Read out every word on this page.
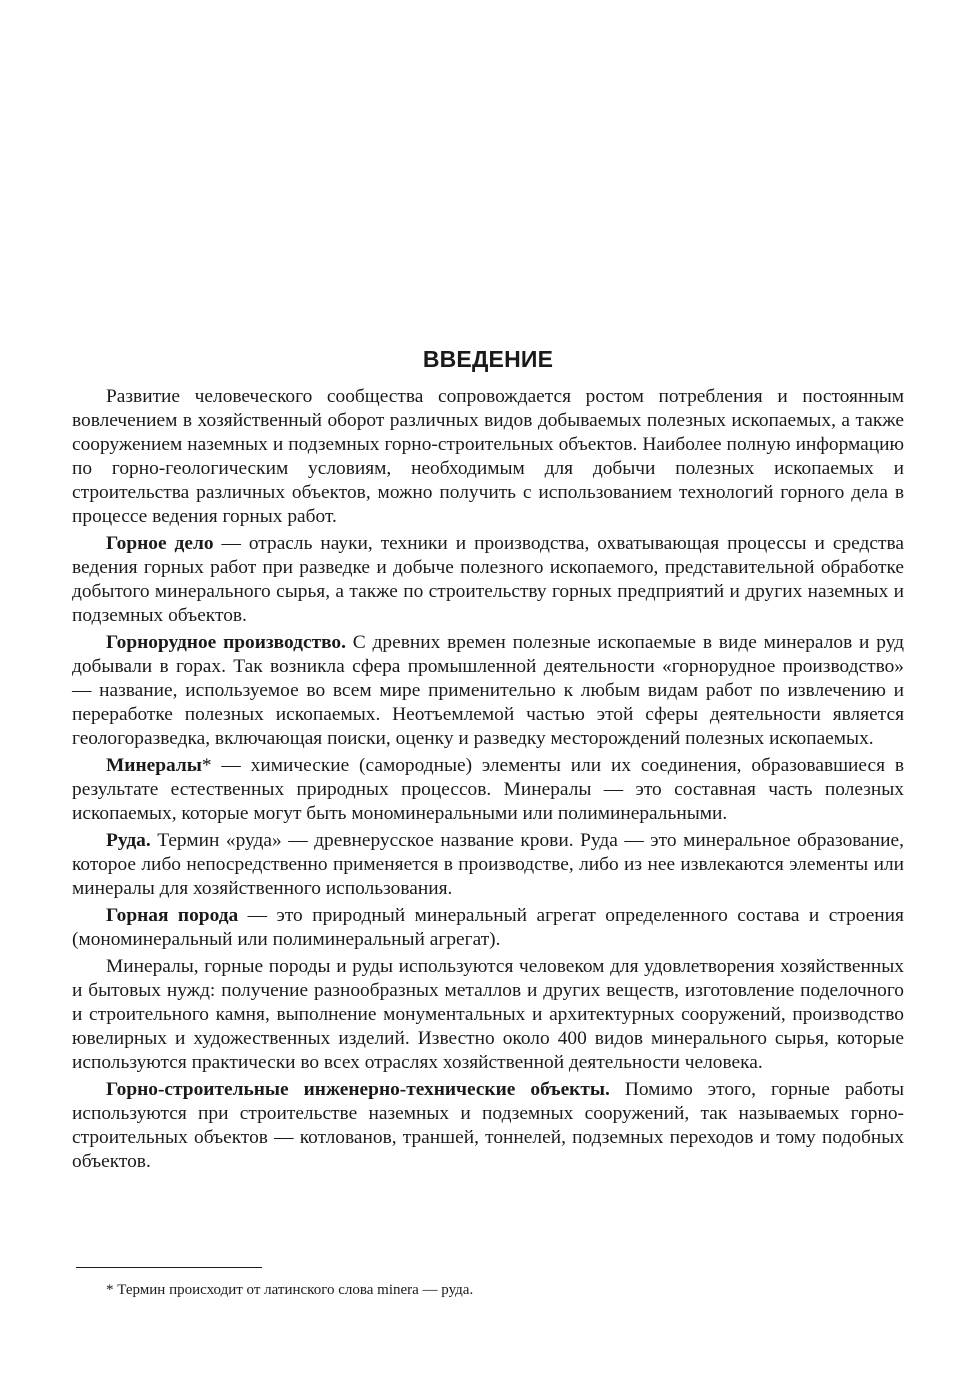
ВВЕДЕНИЕ

Развитие человеческого сообщества сопровождается ростом потребления и постоянным вовлечением в хозяйственный оборот различных видов добываемых полезных ископаемых, а также сооружением наземных и подземных горно-строительных объектов. Наиболее полную информацию по горно-геологическим условиям, необходимым для добычи полезных ископаемых и строительства различных объектов, можно получить с использованием технологий горного дела в процессе ведения горных работ.

Горное дело — отрасль науки, техники и производства, охватывающая процессы и средства ведения горных работ при разведке и добыче полезного ископаемого, представительной обработке добытого минерального сырья, а также по строительству горных предприятий и других наземных и подземных объектов.

Горнорудное производство. С древних времен полезные ископаемые в виде минералов и руд добывали в горах. Так возникла сфера промышленной деятельности «горнорудное производство» — название, используемое во всем мире применительно к любым видам работ по извлечению и переработке полезных ископаемых. Неотъемлемой частью этой сферы деятельности является геологоразведка, включающая поиски, оценку и разведку месторождений полезных ископаемых.

Минералы* — химические (самородные) элементы или их соединения, образовавшиеся в результате естественных природных процессов. Минералы — это составная часть полезных ископаемых, которые могут быть мономинеральными или полиминеральными.

Руда. Термин «руда» — древнерусское название крови. Руда — это минеральное образование, которое либо непосредственно применяется в производстве, либо из нее извлекаются элементы или минералы для хозяйственного использования.

Горная порода — это природный минеральный агрегат определенного состава и строения (мономинеральный или полиминеральный агрегат).

Минералы, горные породы и руды используются человеком для удовлетворения хозяйственных и бытовых нужд: получение разнообразных металлов и других веществ, изготовление поделочного и строительного камня, выполнение монументальных и архитектурных сооружений, производство ювелирных и художественных изделий. Известно около 400 видов минерального сырья, которые используются практически во всех отраслях хозяйственной деятельности человека.

Горно-строительные инженерно-технические объекты. Помимо этого, горные работы используются при строительстве наземных и подземных сооружений, так называемых горно-строительных объектов — котлованов, траншей, тоннелей, подземных переходов и тому подобных объектов.

* Термин происходит от латинского слова minera — руда.
